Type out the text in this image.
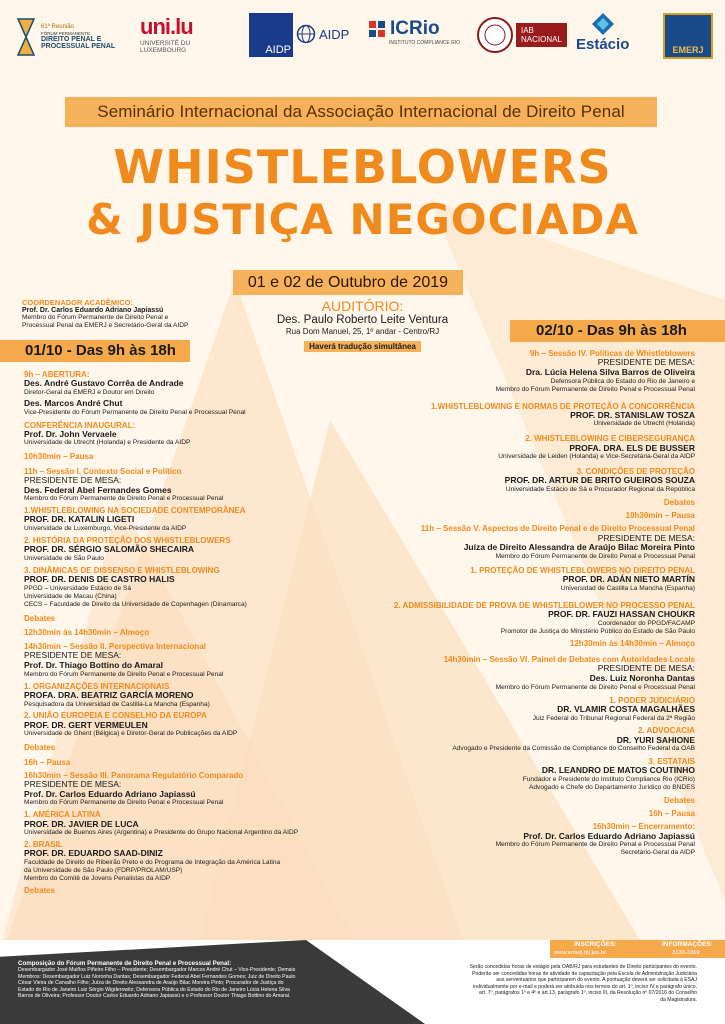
61ª Reunião
FÓRUM PERMANENTE
DIREITO PENAL E
PROCESSUAL PENAL
uni.lu
UNIVERSITÉ DU
LUXEMBOURG	AIDP
AIDP ICRio
INSTITUTO COMPLIANCE RIO
IAB
NACIONAL Estácio	EMERJ
Seminário Internacional da Associação Internacional de Direito Penal
WHISTLEBLOWERS
& JUSTIÇA NEGOCIADA
01 e 02 de Outubro de 2019
AUDITÓRIO:
Des. Paulo Roberto Leite Ventura
Rua Dom Manuel, 25, 1º andar - Centro/RJ
Haverá tradução simultânea
COORDENADOR ACADÊMICO:
Prof. Dr. Carlos Eduardo Adriano Japiassú
Membro do Fórum Permanente de Direito Penal e
Processual Penal da EMERJ e Secretário-Geral da AIDP
01/10 - Das 9h às 18h
02/10 - Das 9h às 18h

9h – ABERTURA:

Des. André Gustavo Corrêa de Andrade

Diretor-Geral da EMERJ e Doutor em Direito

Des. Marcos André Chut

Vice-Presidente do Fórum Permanente de Direito Penal e Processual Penal

CONFERÊNCIA INAUGURAL:

Prof. Dr. John Vervaele

Universidade de Utrecht (Holanda) e Presidente da AIDP

10h30min – Pausa

11h – Sessão I. Contexto Social e Político

PRESIDENTE DE MESA:

Des. Federal Abel Fernandes Gomes

Membro do Fórum Permanente de Direito Penal e Processual Penal

1.WHISTLEBLOWING NA SOCIEDADE CONTEMPORÂNEA

PROF. DR. KATALIN LIGETI

Universidade de Luxemburgo, Vice-Presidente da AIDP

2. HISTÓRIA DA PROTEÇÃO DOS WHISTLEBLOWERS

PROF. DR. SÉRGIO SALOMÃO SHECAIRA

Universidade de São Paulo

3. DINÂMICAS DE DISSENSO E WHISTLEBLOWING

PROF. DR. DENIS DE CASTRO HALIS

PPGD – Universidade Estácio de Sá

Universidade de Macau (China)

CECS – Faculdade de Direito da Universidade de Copenhagen (Dinamarca)

Debates

12h30min às 14h30min – Almoço

14h30min – Sessão II. Perspectiva Internacional

PRESIDENTE DE MESA:

Prof. Dr. Thiago Bottino do Amaral

Membro do Fórum Permanente de Direito Penal e Processual Penal

1. ORGANIZAÇÕES INTERNACIONAIS

PROFA. DRA. BEATRIZ GARCÍA MORENO

Pesquisadora da Universidad de Castilla-La Mancha (Espanha)

2. UNIÃO EUROPEIA E CONSELHO DA EUROPA

PROF. DR. GERT VERMEULEN

Universidade de Ghent (Bélgica) e Diretor-Geral de Publicações da AIDP

Debates

16h – Pausa

16h30min – Sessão III. Panorama Regulatório Comparado

PRESIDENTE DE MESA:

Prof. Dr. Carlos Eduardo Adriano Japiassú

Membro do Fórum Permanente de Direito Penal e Processual Penal

1. AMÉRICA LATINA

PROF. DR. JAVIER DE LUCA

Universidade de Buenos Aires (Argentina) e Presidente do Grupo Nacional Argentino da AIDP

2. BRASIL

PROF. DR. EDUARDO SAAD-DINIZ

Faculdade de Direito de Ribeirão Preto e do Programa de Integração da América Latina

da Universidade de São Paulo (FDRP/PROLAM/USP)

Membro do Comitê de Jovens Penalistas da AIDP

Debates

9h – Sessão IV. Políticas de Whistleblowers

PRESIDENTE DE MESA:

Dra. Lúcia Helena Silva Barros de Oliveira

Defensora Pública do Estado do Rio de Janeiro e

Membro do Fórum Permanente de Direito Penal e Processual Penal

1.WHISTLEBLOWING E NORMAS DE PROTEÇÃO À CONCORRÊNCIA

PROF. DR. STANISLAW TOSZA

Universidade de Utrecht (Holanda)

2. WHISTLEBLOWING E CIBERSEGURANÇA

PROFA. DRA. ELS DE BUSSER

Universidade de Leiden (Holanda) e Vice-Secretária-Geral da AIDP

3. CONDIÇÕES DE PROTEÇÃO

PROF. DR. ARTUR DE BRITO GUEIROS SOUZA

Universidade Estácio de Sá e Procurador Regional da República

Debates

10h30min – Pausa

11h – Sessão V. Aspectos de Direito Penal e de Direito Processual Penal

PRESIDENTE DE MESA:

Juíza de Direito Alessandra de Araújo Bilac Moreira Pinto

Membro do Fórum Permanente de Direito Penal e Processual Penal

1. PROTEÇÃO DE WHISTLEBLOWERS NO DIREITO PENAL

PROF. DR. ADÁN NIETO MARTÍN

Universidad de Castilla La Mancha (Espanha)

2. ADMISSIBILIDADE DE PROVA DE WHISTLEBLOWER NO PROCESSO PENAL

PROF. DR. FAUZI HASSAN CHOUKR

Coordenador do PPGD/FACAMP

Promotor de Justiça do Ministério Público do Estado de São Paulo

12h30min às 14h30min – Almoço

14h30min – Sessão VI. Painel de Debates com Autoridades Locais

PRESIDENTE DE MESA:

Des. Luiz Noronha Dantas

Membro do Fórum Permanente de Direito Penal e Processual Penal

1. PODER JUDICIÁRIO

DR. VLAMIR COSTA MAGALHÃES

Juiz Federal do Tribunal Regional Federal da 2ª Região

2. ADVOCACIA

DR. YURI SAHIONE

Advogado e Presidente da Comissão de Compliance do Conselho Federal da OAB

3. ESTATAIS

DR. LEANDRO DE MATOS COUTINHO

Fundador e Presidente do Instituto Compliance Rio (ICRio)

Advogado e Chefe do Departamento Jurídico do BNDES

Debates

16h – Pausa

16h30min – Encerramento:

Prof. Dr. Carlos Eduardo Adriano Japiassú

Membro do Fórum Permanente de Direito Penal e Processual Penal

Secretário-Geral da AIDP

Composição do Fórum Permanente de Direito Penal e Processual Penal:
Desembargador José Muiños Piñeiro Filho – Presidente; Desembargador Marcos André Chut – Vice-Presidente; Demais
Membros: Desembargador Luiz Noronha Dantas; Desembargador Federal Abel Fernandes Gomes; Juiz de Direito Paulo
César Vieira de Carvalho Filho; Juíza de Direito Alessandra de Araújo Bilac Moreira Pinto; Procurador de Justiça do
Estado do Rio de Janeiro Luiz Sérgio Wigderowitz; Defensora Pública do Estado do Rio de Janeiro Lúcia Helena Silva
Barros de Oliveira; Professor Doutor Carlos Eduardo Adriano Japiassú e o Professor Doutor Thiago Bottino do Amaral.
INSCRIÇÕES:
www.emerj.tjrj.jus.br
INFORMAÇÕES:
3133-3369
Serão concedidas horas de estágio pela OAB/RJ para estudantes de Direito participantes do evento.
Poderão ser concedidas horas de atividade de capacitação pela Escola de Administração Judiciária
aos serventuários que participarem do evento. A pontuação deverá ser solicitada à ESAJ
individualmente por e-mail e poderá ser atribuída nos termos do art. 1º, inciso IV e parágrafo único,
art. 7º, parágrafos 1º e 4º e art.13, parágrafo 1º, inciso III, da Resolução nº 07/2016 do Conselho
da Magistratura.
